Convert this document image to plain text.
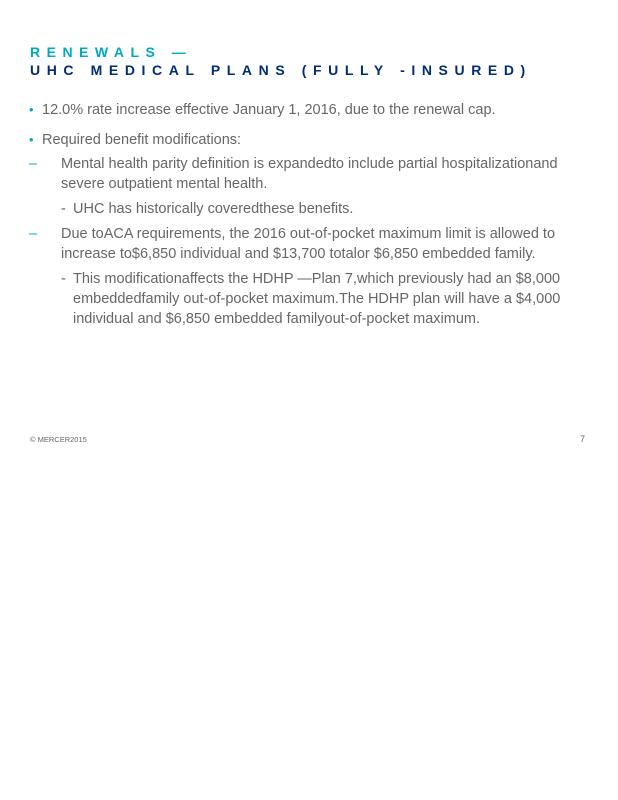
RENEWALS —
UHC MEDICAL PLANS (FULLY -INSURED)
• 12.0% rate increase effective January 1, 2016, due to the renewal cap.
• Required benefit modifications:
– Mental health parity definition is expandedto include partial hospitalizationand severe outpatient mental health.
- UHC has historically coveredthese benefits.
– Due toACA requirements, the 2016 out-of-pocket maximum limit is allowed to increase to$6,850 individual and $13,700 totalor $6,850 embedded family.
- This modificationaffects the HDHP —Plan 7,which previously had an $8,000 embeddedfamily out-of-pocket maximum.The HDHP plan will have a $4,000 individual and $6,850 embedded familyout-of-pocket maximum.
© MERCER2015	7
